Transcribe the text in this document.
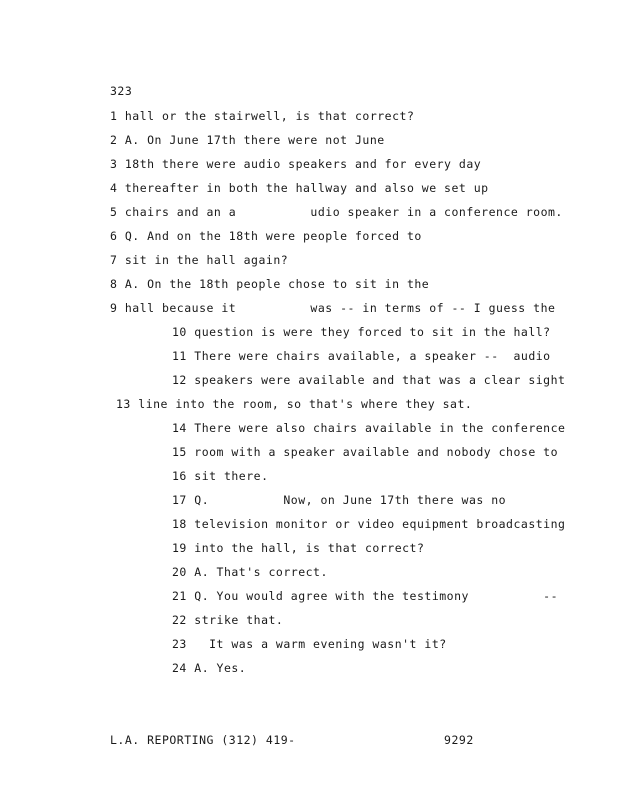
323
1 hall or the stairwell, is that correct?
2 A. On June 17th there were not June
3 18th there were audio speakers and for every day
4 thereafter in both the hallway and also we set up
5 chairs and an a          udio speaker in a conference room.
6 Q. And on the 18th were people forced to
7 sit in the hall again?
8 A. On the 18th people chose to sit in the
9 hall because it          was -- in terms of -- I guess the
10 question is were they forced to sit in the hall?
11 There were chairs available, a speaker --  audio
12 speakers were available and that was a clear sight
13 line into the room, so that's where they sat.
14 There were also chairs available in the conference
15 room with a speaker available and nobody chose to
16 sit there.
17 Q.          Now, on June 17th there was no
18 television monitor or video equipment broadcasting
19 into the hall, is that correct?
20 A. That's correct.
21 Q. You would agree with the testimony          --
22 strike that.
23   It was a warm evening wasn't it?
24 A. Yes.
L.A. REPORTING (312) 419-                    9292
